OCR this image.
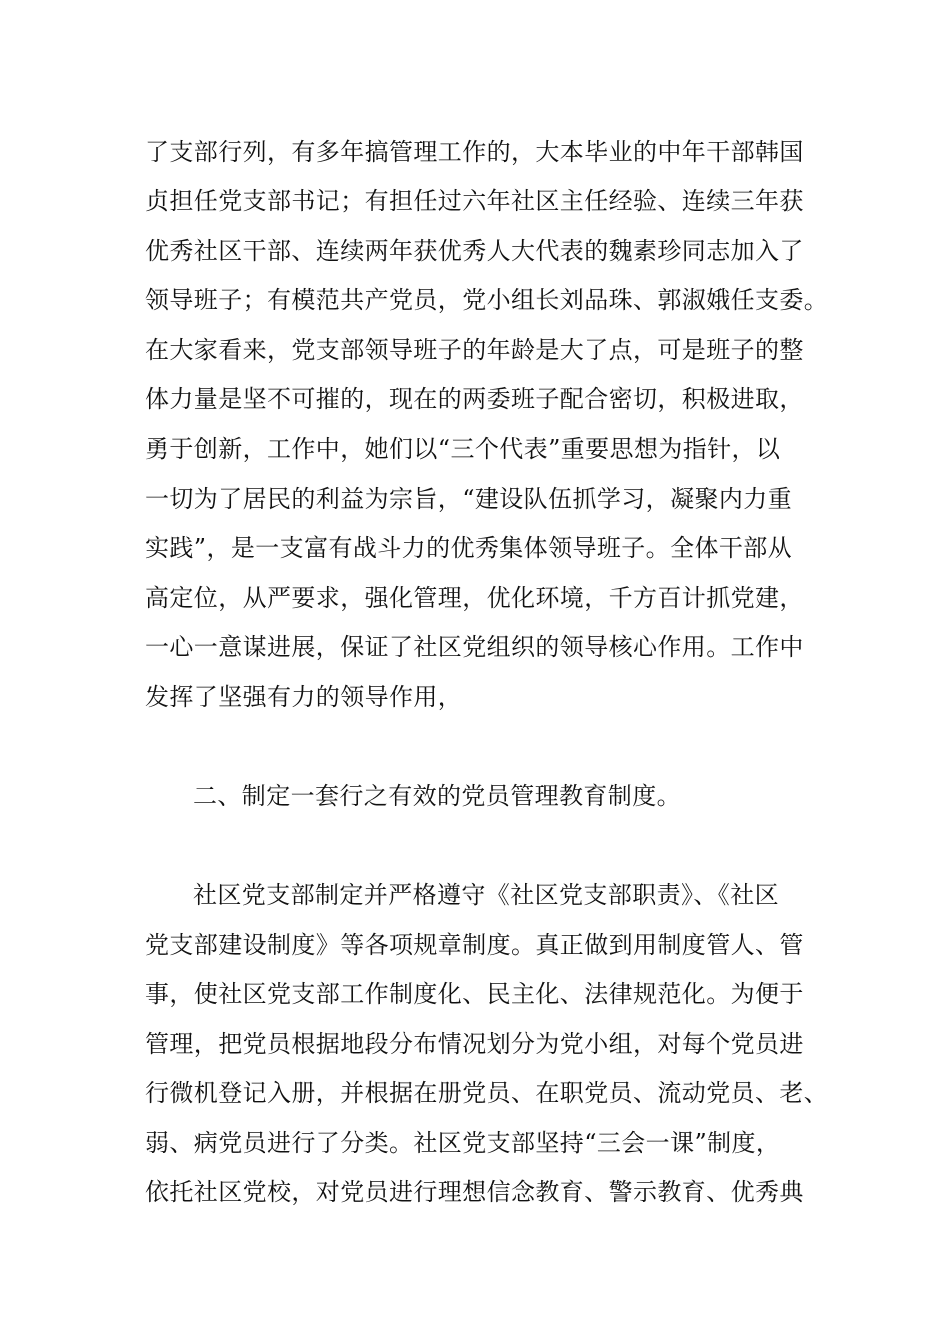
了支部行列，有多年搞管理工作的，大本毕业的中年干部韩国
贞担任党支部书记；有担任过六年社区主任经验、连续三年获
优秀社区干部、连续两年获优秀人大代表的魏素珍同志加入了
领导班子；有模范共产党员，党小组长刘品珠、郭淑娥任支委。
在大家看来，党支部领导班子的年龄是大了点，可是班子的整
体力量是坚不可摧的，现在的两委班子配合密切，积极进取，
勇于创新，工作中，她们以“三个代表”重要思想为指针，以
一切为了居民的利益为宗旨，“建设队伍抓学习，凝聚内力重
实践”，是一支富有战斗力的优秀集体领导班子。全体干部从
高定位，从严要求，强化管理，优化环境，千方百计抓党建，
一心一意谋进展，保证了社区党组织的领导核心作用。工作中
发挥了坚强有力的领导作用，
二、制定一套行之有效的党员管理教育制度。
社区党支部制定并严格遵守《社区党支部职责》、《社区
党支部建设制度》等各项规章制度。真正做到用制度管人、管
事，使社区党支部工作制度化、民主化、法律规范化。为便于
管理，把党员根据地段分布情况划分为党小组，对每个党员进
行微机登记入册，并根据在册党员、在职党员、流动党员、老、
弱、病党员进行了分类。社区党支部坚持“三会一课”制度，
依托社区党校，对党员进行理想信念教育、警示教育、优秀典
